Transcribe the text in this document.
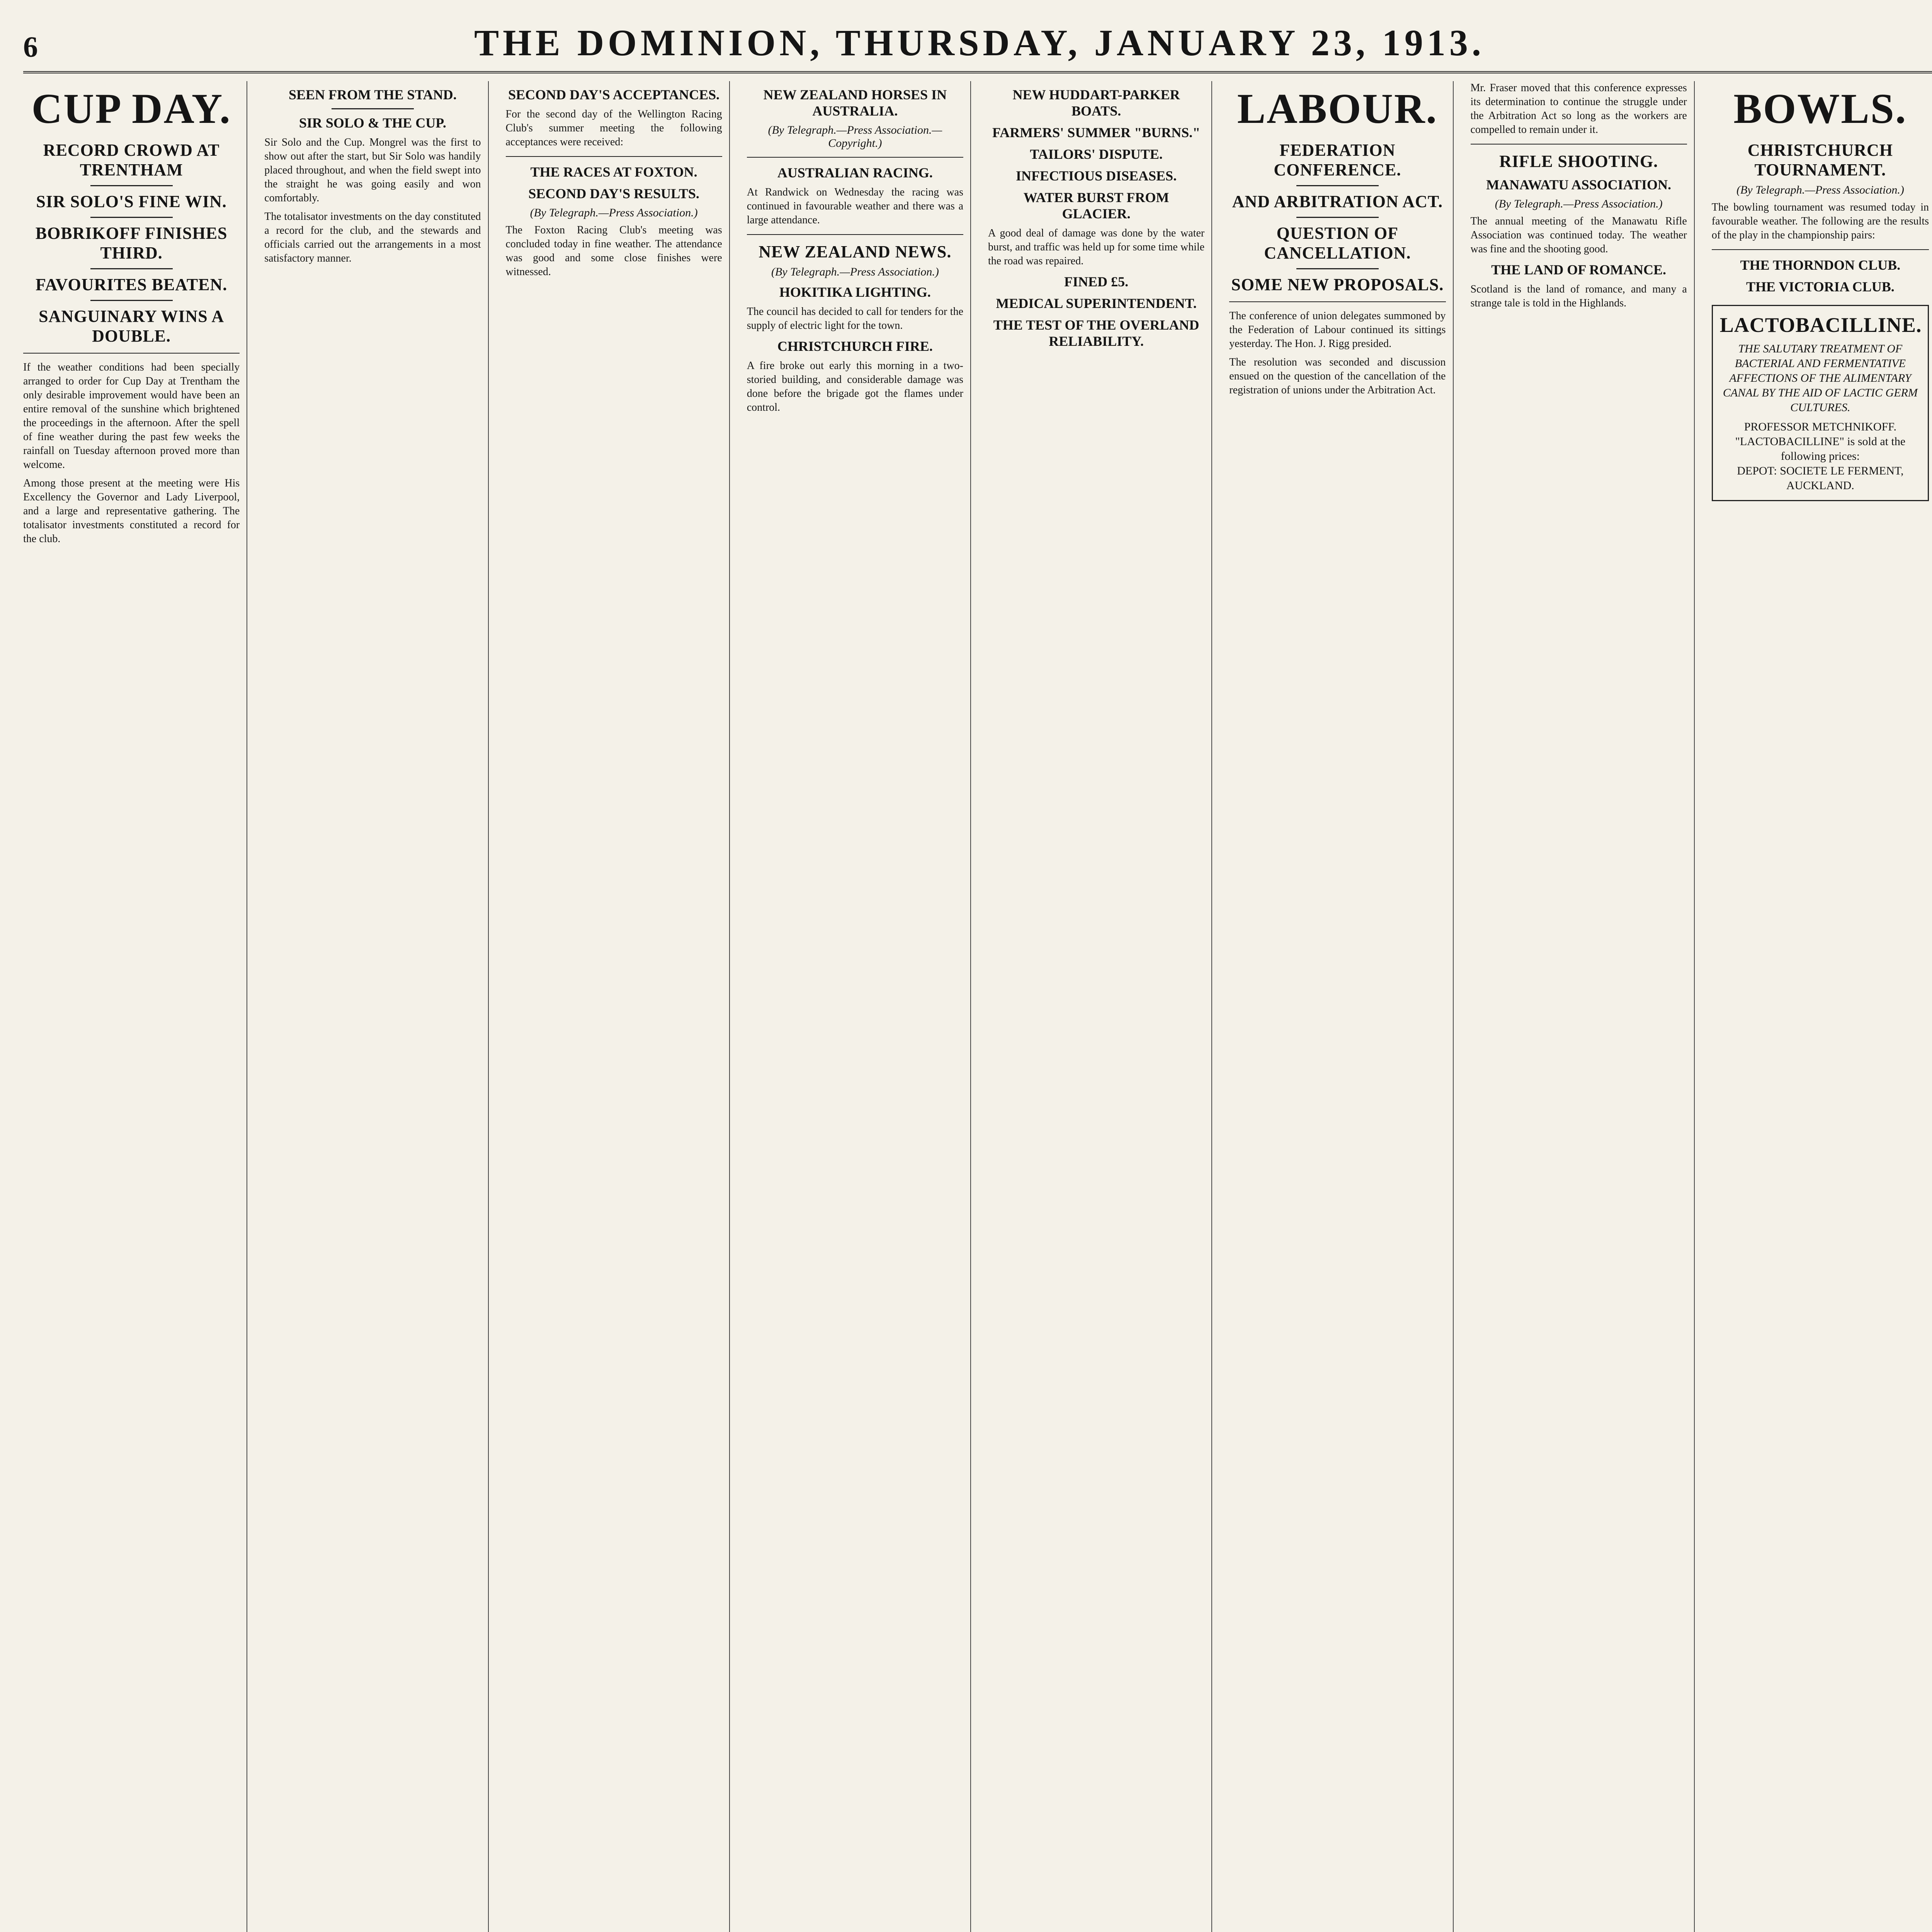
6	THE DOMINION, THURSDAY, JANUARY 23, 1913.
CUP DAY.
RECORD CROWD AT TRENTHAM
SIR SOLO'S FINE WIN.
BOBRIKOFF FINISHES THIRD.
FAVOURITES BEATEN.
SANGUINARY WINS A DOUBLE.

If the weather conditions had been specially arranged to order for Cup Day at Trentham the only desirable improvement would have been an entire removal of the sunshine which brightened the proceedings in the afternoon. After the spell of fine weather during the past few weeks the rainfall on Tuesday afternoon proved more than welcome.

Among those present at the meeting were His Excellency the Governor and Lady Liverpool, and a large and representative gathering. The totalisator investments constituted a record for the club.

SEEN FROM THE STAND.
SIR SOLO & THE CUP.

Sir Solo and the Cup. Mongrel was the first to show out after the start, but Sir Solo was handily placed throughout, and when the field swept into the straight he was going easily and won comfortably.

The totalisator investments on the day constituted a record for the club, and the stewards and officials carried out the arrangements in a most satisfactory manner.

SECOND DAY'S ACCEPTANCES.

For the second day of the Wellington Racing Club's summer meeting the following acceptances were received:

THE RACES AT FOXTON.
SECOND DAY'S RESULTS.
(By Telegraph.—Press Association.)

The Foxton Racing Club's meeting was concluded today in fine weather. The attendance was good and some close finishes were witnessed.

NEW ZEALAND HORSES IN AUSTRALIA.
(By Telegraph.—Press Association.—Copyright.)
AUSTRALIAN RACING.

At Randwick on Wednesday the racing was continued in favourable weather and there was a large attendance.

NEW ZEALAND NEWS.
(By Telegraph.—Press Association.)
HOKITIKA LIGHTING.

The council has decided to call for tenders for the supply of electric light for the town.

CHRISTCHURCH FIRE.

A fire broke out early this morning in a two-storied building, and considerable damage was done before the brigade got the flames under control.

NEW HUDDART-PARKER BOATS.
FARMERS' SUMMER "BURNS."
TAILORS' DISPUTE.
INFECTIOUS DISEASES.
WATER BURST FROM GLACIER.

A good deal of damage was done by the water burst, and traffic was held up for some time while the road was repaired.

FINED £5.
MEDICAL SUPERINTENDENT.
THE TEST OF THE OVERLAND RELIABILITY.
LABOUR.
FEDERATION CONFERENCE.
AND ARBITRATION ACT.
QUESTION OF CANCELLATION.
SOME NEW PROPOSALS.

The conference of union delegates summoned by the Federation of Labour continued its sittings yesterday. The Hon. J. Rigg presided.

The resolution was seconded and discussion ensued on the question of the cancellation of the registration of unions under the Arbitration Act.

Mr. Fraser moved that this conference expresses its determination to continue the struggle under the Arbitration Act so long as the workers are compelled to remain under it.

RIFLE SHOOTING.
MANAWATU ASSOCIATION.
(By Telegraph.—Press Association.)

The annual meeting of the Manawatu Rifle Association was continued today. The weather was fine and the shooting good.

THE LAND OF ROMANCE.

Scotland is the land of romance, and many a strange tale is told in the Highlands.

BOWLS.
CHRISTCHURCH TOURNAMENT.
(By Telegraph.—Press Association.)

The bowling tournament was resumed today in favourable weather. The following are the results of the play in the championship pairs:

THE THORNDON CLUB.
THE VICTORIA CLUB.
LACTOBACILLINE.
THE SALUTARY TREATMENT OF BACTERIAL AND FERMENTATIVE AFFECTIONS OF THE ALIMENTARY CANAL BY THE AID OF LACTIC GERM CULTURES.
PROFESSOR METCHNIKOFF.
"LACTOBACILLINE" is sold at the following prices:
DEPOT: SOCIETE LE FERMENT,
AUCKLAND.
